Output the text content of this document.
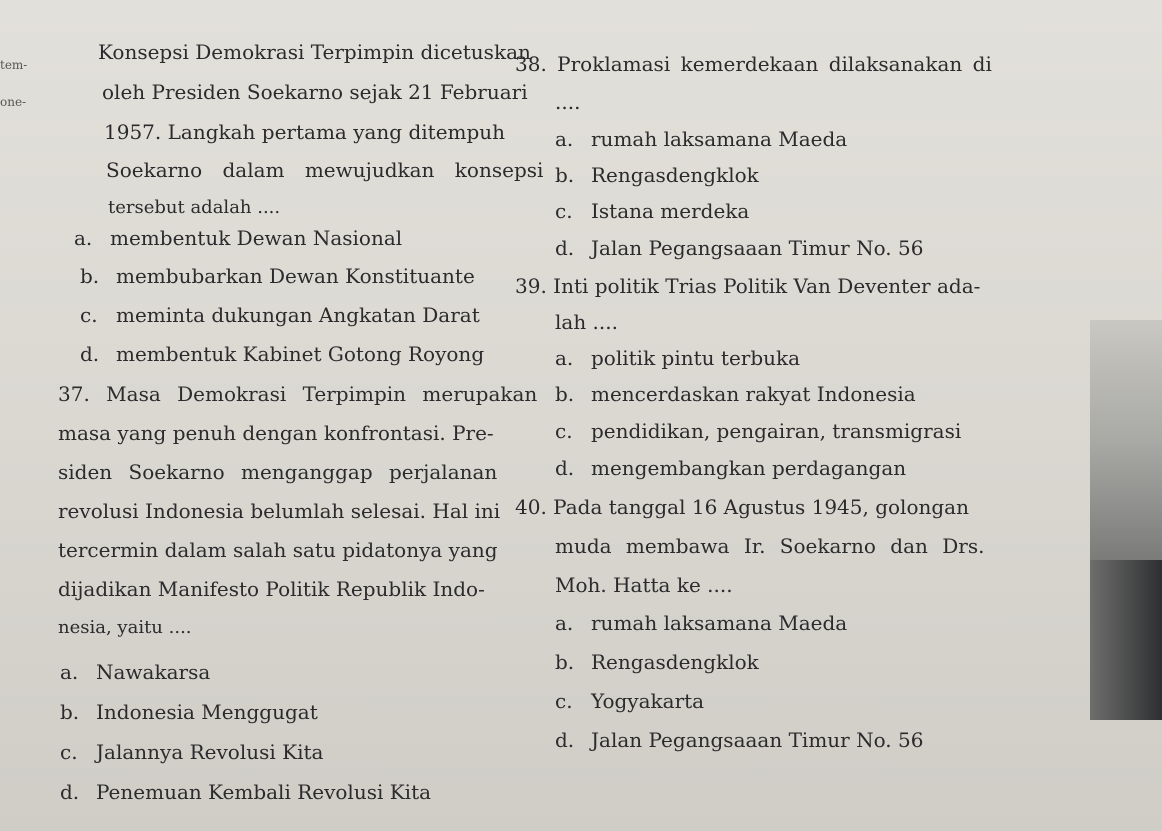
tem-
one-
Konsepsi Demokrasi Terpimpin dicetuskan
oleh Presiden Soekarno sejak 21 Februari
1957. Langkah pertama yang ditempuh
Soekarno dalam mewujudkan konsepsi
tersebut adalah ....
a. membentuk Dewan Nasional
b. membubarkan Dewan Konstituante
c. meminta dukungan Angkatan Darat
d. membentuk Kabinet Gotong Royong
37. Masa Demokrasi Terpimpin merupakan
masa yang penuh dengan konfrontasi. Pre-
siden Soekarno menganggap perjalanan
revolusi Indonesia belumlah selesai. Hal ini
tercermin dalam salah satu pidatonya yang
dijadikan Manifesto Politik Republik Indo-
nesia, yaitu ....
a. Nawakarsa
b. Indonesia Menggugat
c. Jalannya Revolusi Kita
d. Penemuan Kembali Revolusi Kita
38. Proklamasi kemerdekaan dilaksanakan di
....
a. rumah laksamana Maeda
b. Rengasdengklok
c. Istana merdeka
d. Jalan Pegangsaaan Timur No. 56
39. Inti politik Trias Politik Van Deventer ada-
lah ....
a. politik pintu terbuka
b. mencerdaskan rakyat Indonesia
c. pendidikan, pengairan, transmigrasi
d. mengembangkan perdagangan
40. Pada tanggal 16 Agustus 1945, golongan
muda membawa Ir. Soekarno dan Drs.
Moh. Hatta ke ....
a. rumah laksamana Maeda
b. Rengasdengklok
c. Yogyakarta
d. Jalan Pegangsaaan Timur No. 56
